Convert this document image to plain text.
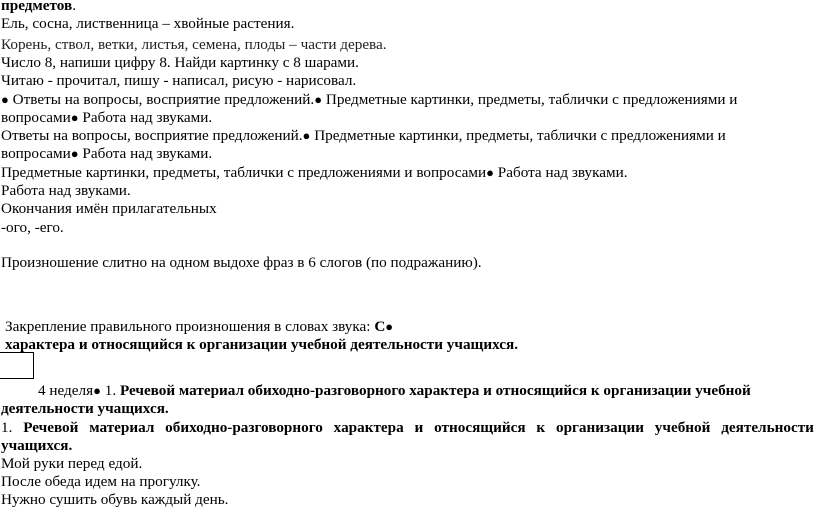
предметов.
Ель, сосна, лиственница – хвойные растения.
Корень, ствол, ветки, листья, семена, плоды – части дерева.
Число 8, напиши цифру 8. Найди картинку с 8 шарами.
Читаю - прочитал, пишу - написал, рисую - нарисовал.
● Ответы на вопросы, восприятие предложений.● Предметные картинки, предметы, таблички с предложениями и
вопросами● Работа над звуками.
Ответы на вопросы, восприятие предложений.● Предметные картинки, предметы, таблички с предложениями и
вопросами● Работа над звуками.
Предметные картинки, предметы, таблички с предложениями и вопросами● Работа над звуками.
Работа над звуками.
Окончания имён прилагательных
-ого, -его.
Произношение слитно на одном выдохе фраз в 6 слогов (по подражанию).
Закрепление правильного произношения в словах звука: С●
характера и относящийся к организации учебной деятельности учащихся.
4 неделя● 1. Речевой материал обиходно-разговорного характера и относящийся к организации учебной
деятельности учащихся.
1. Речевой материал обиходно-разговорного характера и относящийся к организации учебной деятельности
учащихся.
Мой руки перед едой.
После обеда идем на прогулку.
Нужно сушить обувь каждый день.
